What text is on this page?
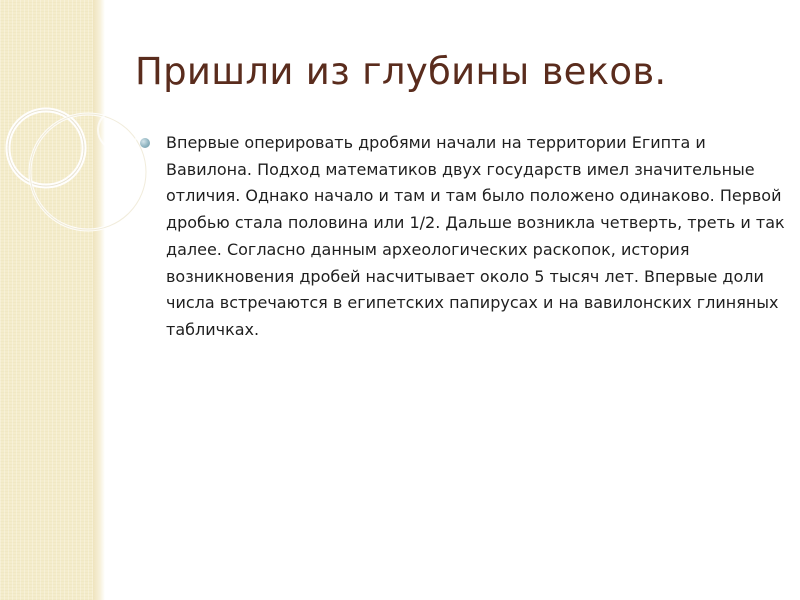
Пришли из глубины веков.

Впервые оперировать дробями начали на территории Египта и Вавилона. Подход математиков двух государств имел значительные отличия. Однако начало и там и там было положено одинаково. Первой дробью стала половина или 1/2. Дальше возникла четверть, треть и так далее. Согласно данным археологических раскопок, история возникновения дробей насчитывает около 5 тысяч лет. Впервые доли числа встречаются в египетских папирусах и на вавилонских глиняных табличках.
